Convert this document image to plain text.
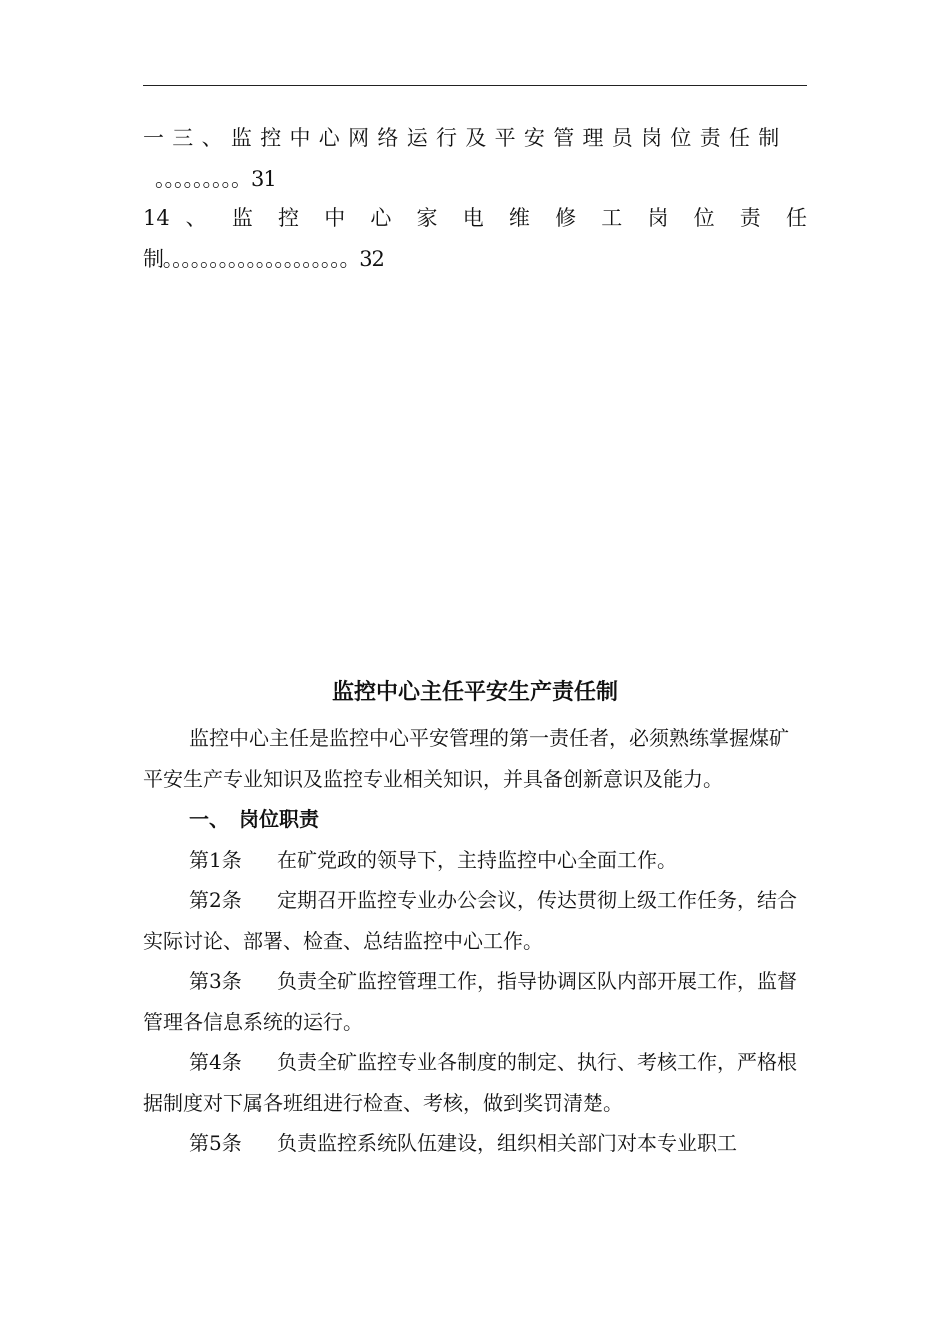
一三、监控中心网络运行及平安管理员岗位责任制
。。。。。。。。。31
14 、 监 控 中 心 家 电 维 修 工 岗 位 责 任
制。。。。。。。。。。。。。。。。。。。。32
监控中心主任平安生产责任制

监控中心主任是监控中心平安管理的第一责任者，必须熟练掌握煤矿平安生产专业知识及监控专业相关知识，并具备创新意识及能力。

一、　岗位职责

第1条 在矿党政的领导下，主持监控中心全面工作。

第2条 定期召开监控专业办公会议，传达贯彻上级工作任务，结合实际讨论、部署、检查、总结监控中心工作。

第3条 负责全矿监控管理工作，指导协调区队内部开展工作，监督管理各信息系统的运行。

第4条 负责全矿监控专业各制度的制定、执行、考核工作，严格根据制度对下属各班组进行检查、考核，做到奖罚清楚。

第5条 负责监控系统队伍建设，组织相关部门对本专业职工
